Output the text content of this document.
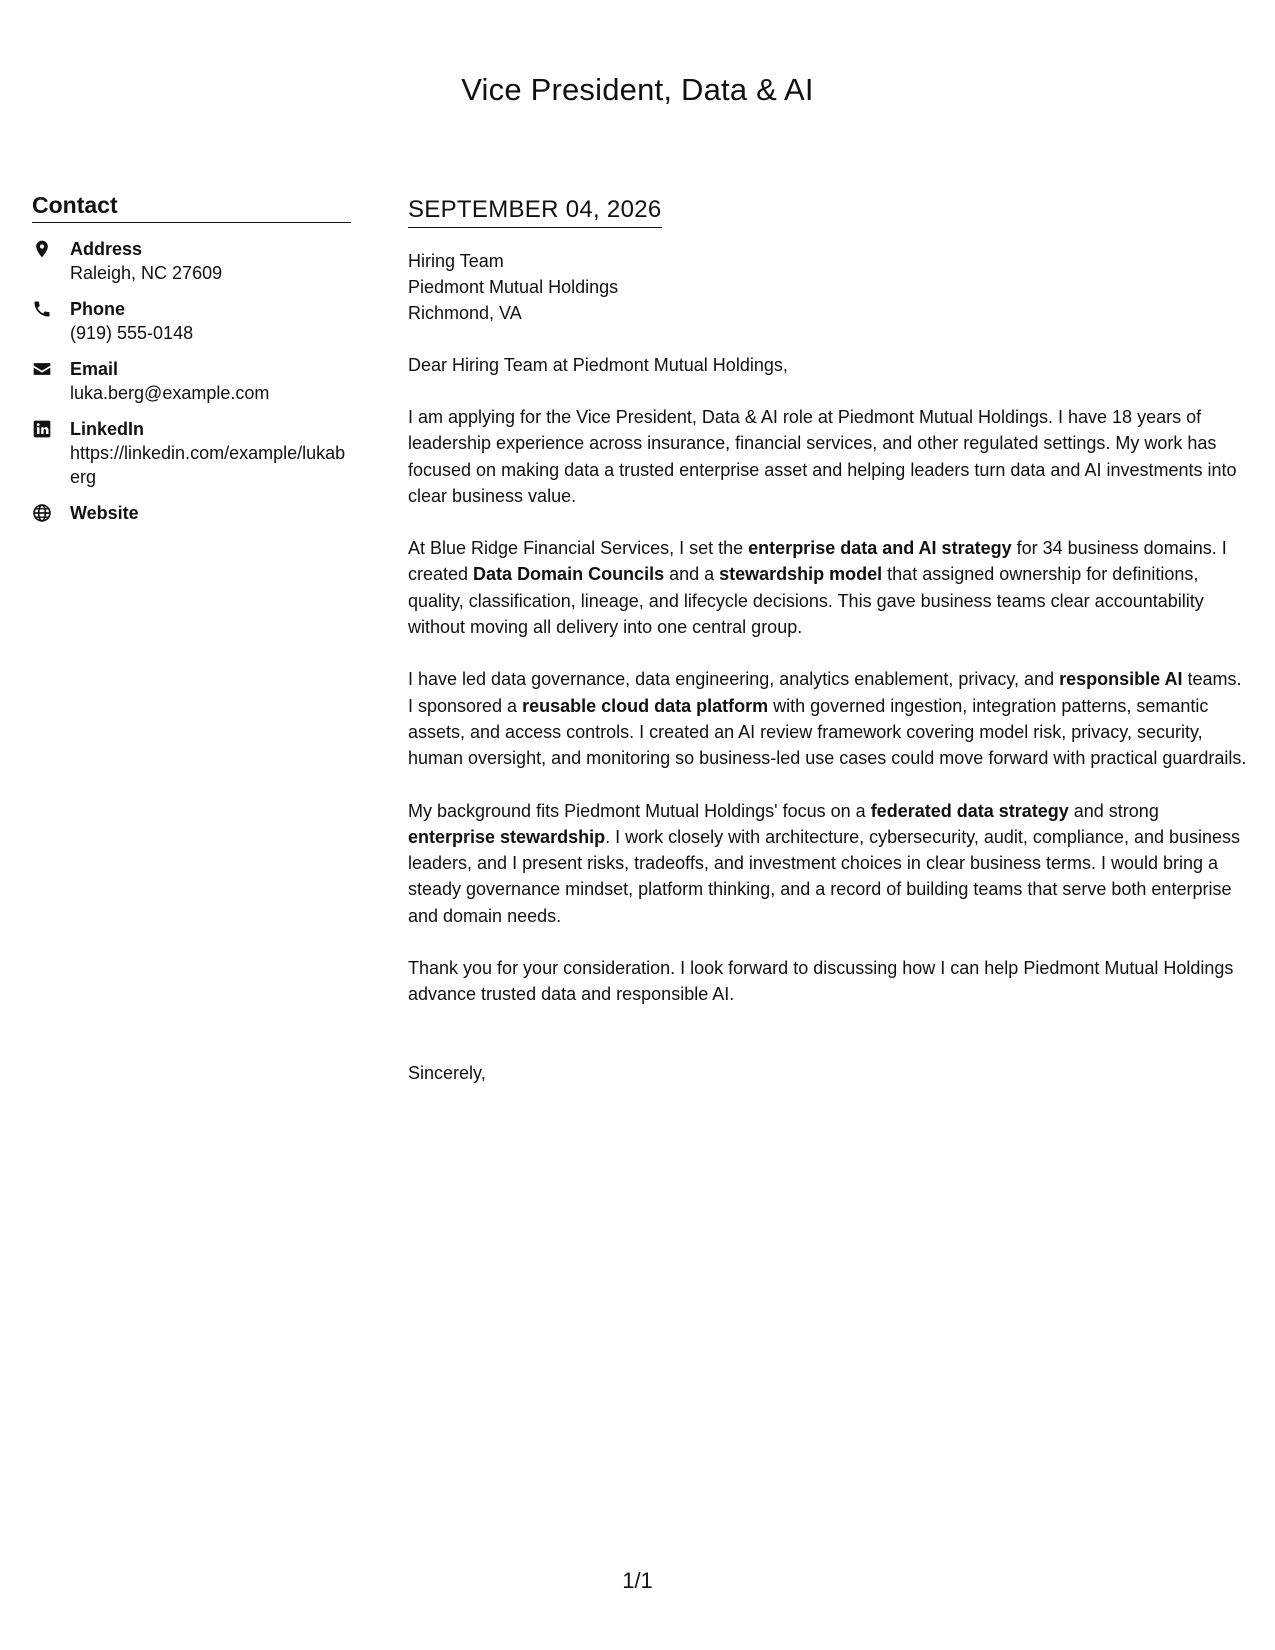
Vice President, Data & AI
Contact
Address
Raleigh, NC 27609
Phone
(919) 555-0148
Email
luka.berg@example.com
LinkedIn
https://linkedin.com/example/lukaberg
Website
SEPTEMBER 04, 2026
Hiring Team
Piedmont Mutual Holdings
Richmond, VA
Dear Hiring Team at Piedmont Mutual Holdings,

I am applying for the Vice President, Data & AI role at Piedmont Mutual Holdings. I have 18 years of leadership experience across insurance, financial services, and other regulated settings. My work has focused on making data a trusted enterprise asset and helping leaders turn data and AI investments into clear business value.

At Blue Ridge Financial Services, I set the enterprise data and AI strategy for 34 business domains. I created Data Domain Councils and a stewardship model that assigned ownership for definitions, quality, classification, lineage, and lifecycle decisions. This gave business teams clear accountability without moving all delivery into one central group.

I have led data governance, data engineering, analytics enablement, privacy, and responsible AI teams. I sponsored a reusable cloud data platform with governed ingestion, integration patterns, semantic assets, and access controls. I created an AI review framework covering model risk, privacy, security, human oversight, and monitoring so business-led use cases could move forward with practical guardrails.

My background fits Piedmont Mutual Holdings' focus on a federated data strategy and strong enterprise stewardship. I work closely with architecture, cybersecurity, audit, compliance, and business leaders, and I present risks, tradeoffs, and investment choices in clear business terms. I would bring a steady governance mindset, platform thinking, and a record of building teams that serve both enterprise and domain needs.

Thank you for your consideration. I look forward to discussing how I can help Piedmont Mutual Holdings advance trusted data and responsible AI.

Sincerely,
1/1
